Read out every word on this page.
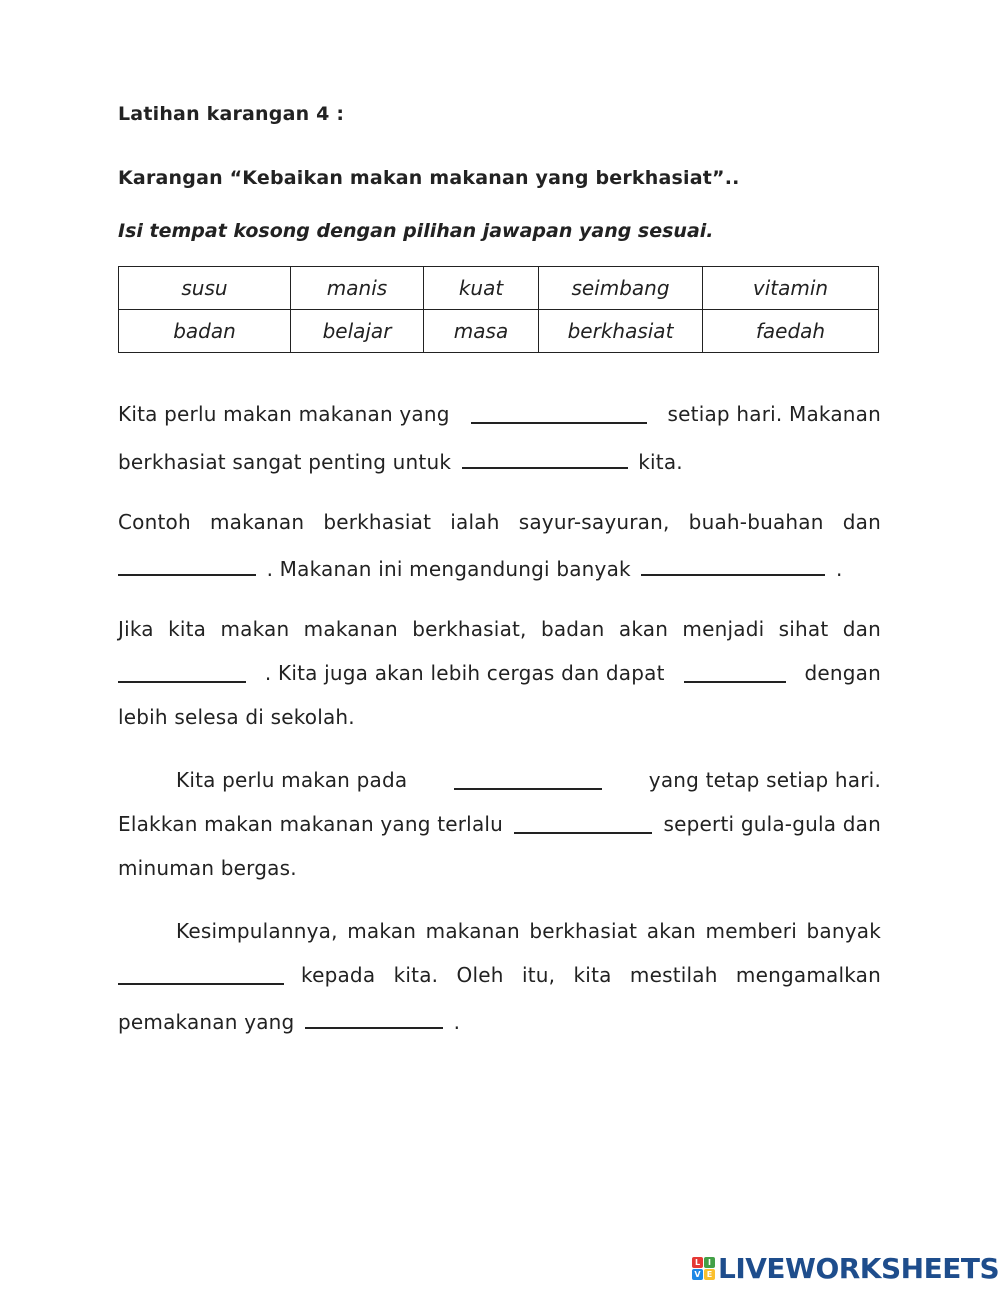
Latihan karangan 4 :
Karangan “Kebaikan makan makanan yang berkhasiat”..
Isi tempat kosong dengan pilihan jawapan yang sesuai.
susu	manis	kuat	seimbang	vitamin
badan	belajar	masa	berkhasiat	faedah
Kita perlu makan makanan yang	setiap hari. Makanan
berkhasiat sangat penting untuk	kita.
Contoh makanan berkhasiat ialah sayur-sayuran, buah-buahan dan
. Makanan ini mengandungi banyak	.
Jika kita makan makanan berkhasiat, badan akan menjadi sihat dan
. Kita juga akan lebih cergas dan dapat	dengan
lebih selesa di sekolah.
Kita perlu makan pada	yang tetap setiap hari.
Elakkan makan makanan yang terlalu	seperti gula-gula dan
minuman bergas.
Kesimpulannya, makan makanan berkhasiat akan memberi banyak
kepada kita. Oleh itu, kita mestilah mengamalkan
pemakanan yang	.
L I
V E LIVEWORKSHEETS
